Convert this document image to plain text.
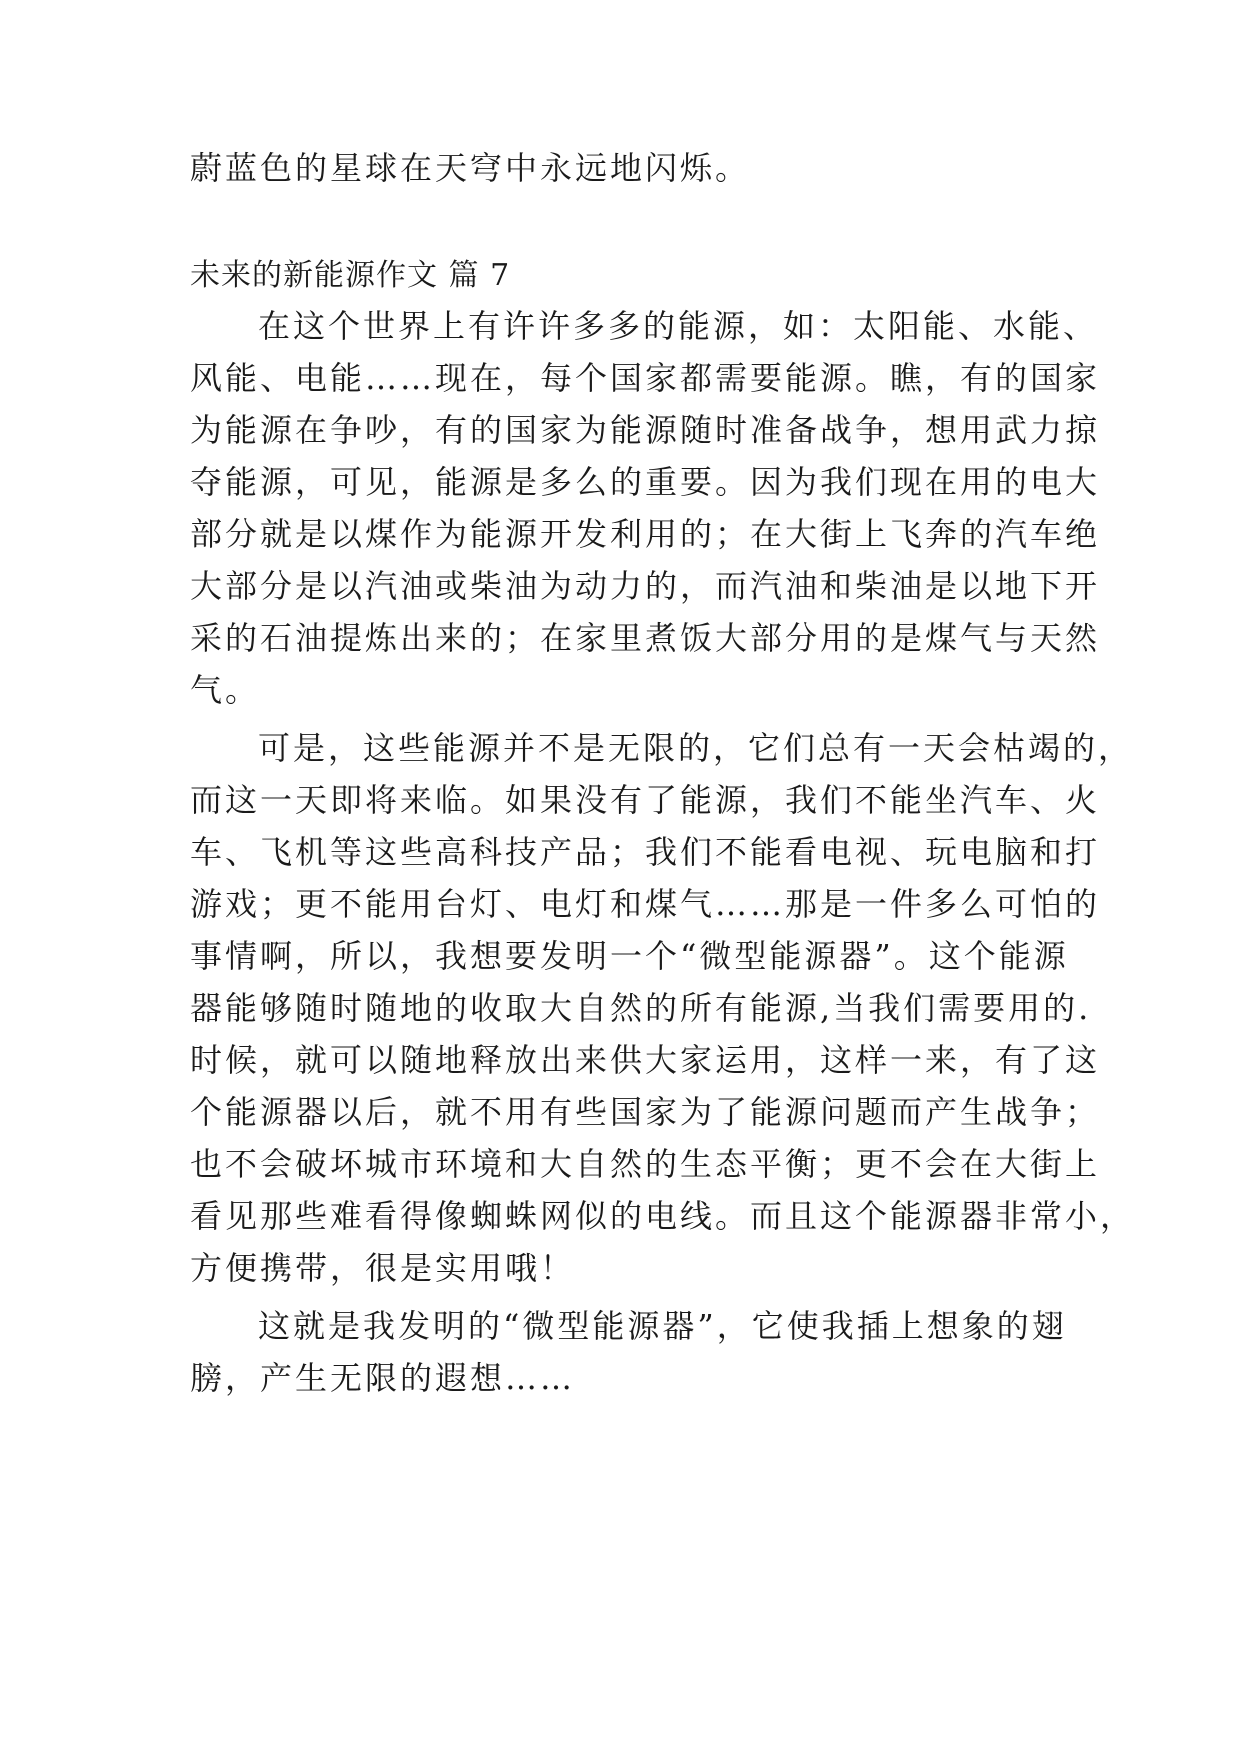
蔚蓝色的星球在天穹中永远地闪烁。
未来的新能源作文 篇 7
在这个世界上有许许多多的能源，如：太阳能、水能、
风能、电能……现在，每个国家都需要能源。瞧，有的国家
为能源在争吵，有的国家为能源随时准备战争，想用武力掠
夺能源，可见，能源是多么的重要。因为我们现在用的电大
部分就是以煤作为能源开发利用的；在大街上飞奔的汽车绝
大部分是以汽油或柴油为动力的，而汽油和柴油是以地下开
采的石油提炼出来的；在家里煮饭大部分用的是煤气与天然
气。
可是，这些能源并不是无限的，它们总有一天会枯竭的，
而这一天即将来临。如果没有了能源，我们不能坐汽车、火
车、飞机等这些高科技产品；我们不能看电视、玩电脑和打
游戏；更不能用台灯、电灯和煤气……那是一件多么可怕的
事情啊，所以，我想要发明一个“微型能源器”。这个能源
器能够随时随地的收取大自然的所有能源,当我们需要用的.
时候，就可以随地释放出来供大家运用，这样一来，有了这
个能源器以后，就不用有些国家为了能源问题而产生战争；
也不会破坏城市环境和大自然的生态平衡；更不会在大街上
看见那些难看得像蜘蛛网似的电线。而且这个能源器非常小，
方便携带，很是实用哦！
这就是我发明的“微型能源器”，它使我插上想象的翅
膀，产生无限的遐想……
